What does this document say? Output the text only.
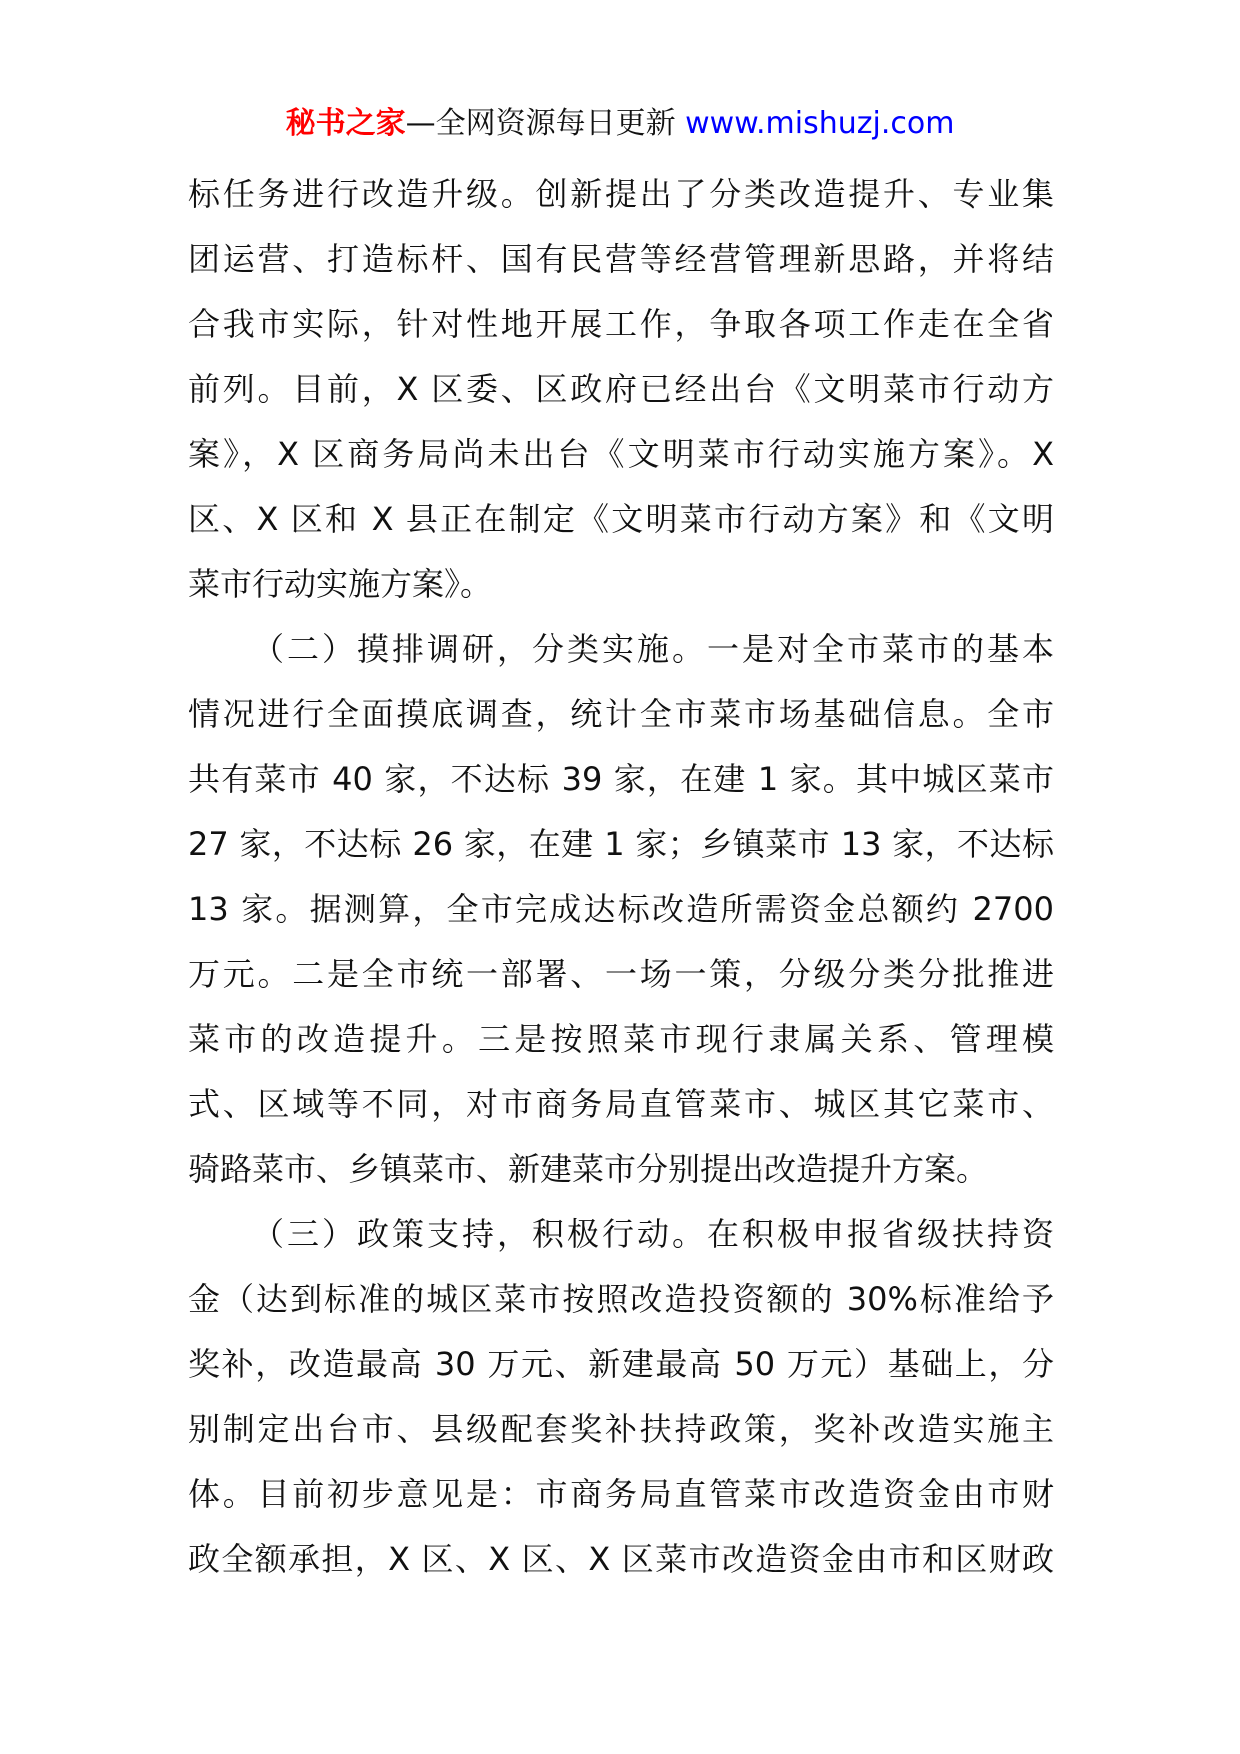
秘书之家—全网资源每日更新 www.mishuzj.com
标任务进行改造升级。创新提出了分类改造提升、专业集
团运营、打造标杆、国有民营等经营管理新思路，并将结
合我市实际，针对性地开展工作，争取各项工作走在全省
前列。目前，X 区委、区政府已经出台《文明菜市行动方
案》，X 区商务局尚未出台《文明菜市行动实施方案》。X
区、X 区和 X 县正在制定《文明菜市行动方案》和《文明
菜市行动实施方案》。
（二）摸排调研，分类实施。一是对全市菜市的基本
情况进行全面摸底调查，统计全市菜市场基础信息。全市
共有菜市 40 家，不达标 39 家，在建 1 家。其中城区菜市
27 家，不达标 26 家，在建 1 家；乡镇菜市 13 家，不达标
13 家。据测算，全市完成达标改造所需资金总额约 2700
万元。二是全市统一部署、一场一策，分级分类分批推进
菜市的改造提升。三是按照菜市现行隶属关系、管理模
式、区域等不同，对市商务局直管菜市、城区其它菜市、
骑路菜市、乡镇菜市、新建菜市分别提出改造提升方案。
（三）政策支持，积极行动。在积极申报省级扶持资
金（达到标准的城区菜市按照改造投资额的 30%标准给予
奖补，改造最高 30 万元、新建最高 50 万元）基础上，分
别制定出台市、县级配套奖补扶持政策，奖补改造实施主
体。目前初步意见是：市商务局直管菜市改造资金由市财
政全额承担，X 区、X 区、X 区菜市改造资金由市和区财政
